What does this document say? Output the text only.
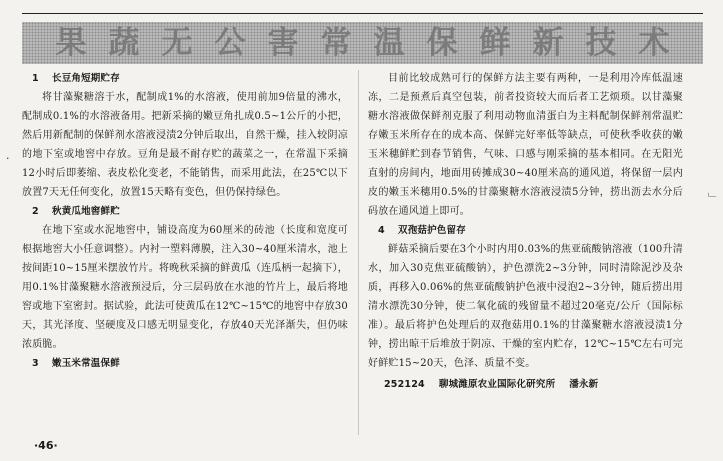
果蔬无公害常温保鲜新技术

1 长豆角短期贮存

将甘藻聚糖溶于水，配制成1%的水溶液，使用前加9倍量的沸水，配制成0.1%的水溶液备用。把新采摘的嫩豆角扎成0.5~1公斤的小把，然后用新配制的保鲜剂水溶液浸渍2分钟后取出，自然干燥，挂入较阴凉的地下室或地窖中存放。豆角是最不耐存贮的蔬菜之一，在常温下采摘12小时后即萎缩、表皮松化变老，不能销售，而采用此法，在25℃以下放置7天无任何变化，放置15天略有变色，但仍保持绿色。

2 秋黄瓜地窖鲜贮

在地下室或水泥地窖中，铺设高度为60厘米的砖池（长度和宽度可根据地窖大小任意调整）。内衬一塑料薄膜，注入30~40厘米清水，池上按间距10~15厘米摆放竹片。将晚秋采摘的鲜黄瓜（连瓜柄一起摘下），用0.1%甘藻聚糖水溶液预浸后，分三层码放在水池的竹片上，最后将地窖或地下室密封。据试验，此法可使黄瓜在12℃~15℃的地窖中存放30天，其光泽度、坚硬度及口感无明显变化，存放40天光泽渐失，但仍味浓质脆。

3 嫩玉米常温保鲜

目前比较成熟可行的保鲜方法主要有两种，一是利用冷库低温速冻，二是预煮后真空包装，前者投资较大而后者工艺烦琐。以甘藻聚糖水溶液做保鲜剂克服了利用动物血清蛋白为主料配制保鲜剂常温贮存嫩玉米所存在的成本高、保鲜完好率低等缺点，可使秋季收获的嫩玉米穗鲜贮到春节销售，气味、口感与刚采摘的基本相同。在无阳光直射的房间内，地面用砖摊成30~40厘米高的通风道，将保留一层内皮的嫩玉米穗用0.5%的甘藻聚糖水溶液浸渍5分钟，捞出沥去水分后码放在通风道上即可。

4 双孢菇护色留存

鲜菇采摘后要在3个小时内用0.03%的焦亚硫酸钠溶液（100升清水，加入30克焦亚硫酸钠），护色漂洗2~3分钟，同时清除泥沙及杂质，再移入0.06%的焦亚硫酸钠护色液中浸泡2~3分钟，随后捞出用清水漂洗30分钟，使二氧化硫的残留量不超过20毫克/公斤（国际标准）。最后将护色处理后的双孢菇用0.1%的甘藻聚糖水溶液浸渍1分钟，捞出晾干后堆放于阴凉、干燥的室内贮存，12℃~15℃左右可完好鲜贮15~20天，色泽、质量不变。

252124 聊城潍原农业国际化研究所 潘永新

·46·
·
﹂
